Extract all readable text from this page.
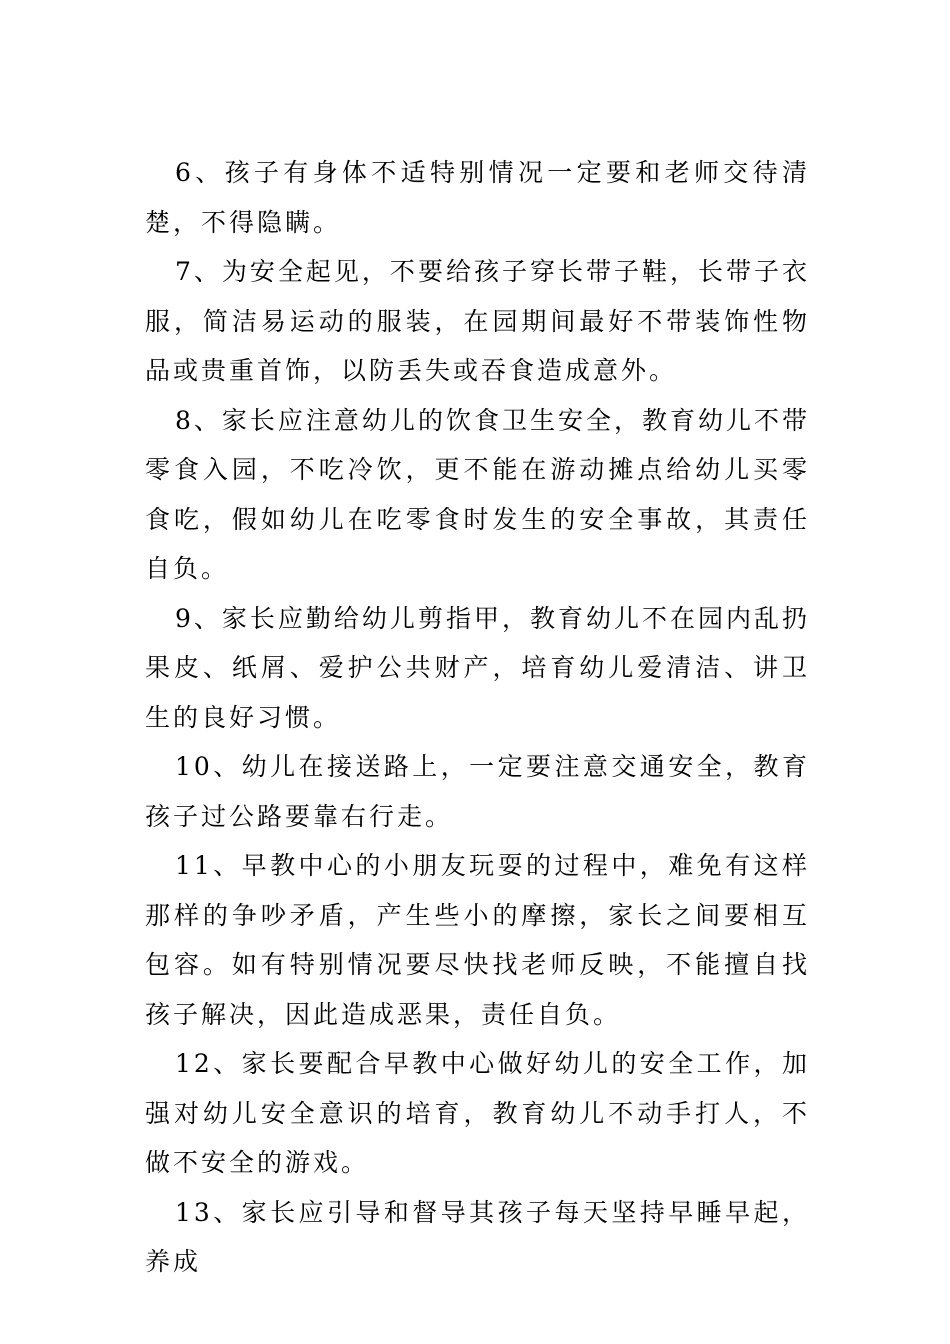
6、孩子有身体不适特别情况一定要和老师交待清楚，不得隐瞒。

7、为安全起见，不要给孩子穿长带子鞋，长带子衣服，简洁易运动的服装，在园期间最好不带装饰性物品或贵重首饰，以防丢失或吞食造成意外。

8、家长应注意幼儿的饮食卫生安全，教育幼儿不带零食入园，不吃冷饮，更不能在游动摊点给幼儿买零食吃，假如幼儿在吃零食时发生的安全事故，其责任自负。

9、家长应勤给幼儿剪指甲，教育幼儿不在园内乱扔果皮、纸屑、爱护公共财产，培育幼儿爱清洁、讲卫生的良好习惯。

10、幼儿在接送路上，一定要注意交通安全，教育孩子过公路要靠右行走。

11、早教中心的小朋友玩耍的过程中，难免有这样那样的争吵矛盾，产生些小的摩擦，家长之间要相互包容。如有特别情况要尽快找老师反映，不能擅自找孩子解决，因此造成恶果，责任自负。

12、家长要配合早教中心做好幼儿的安全工作，加强对幼儿安全意识的培育，教育幼儿不动手打人，不做不安全的游戏。

13、家长应引导和督导其孩子每天坚持早睡早起，养成
